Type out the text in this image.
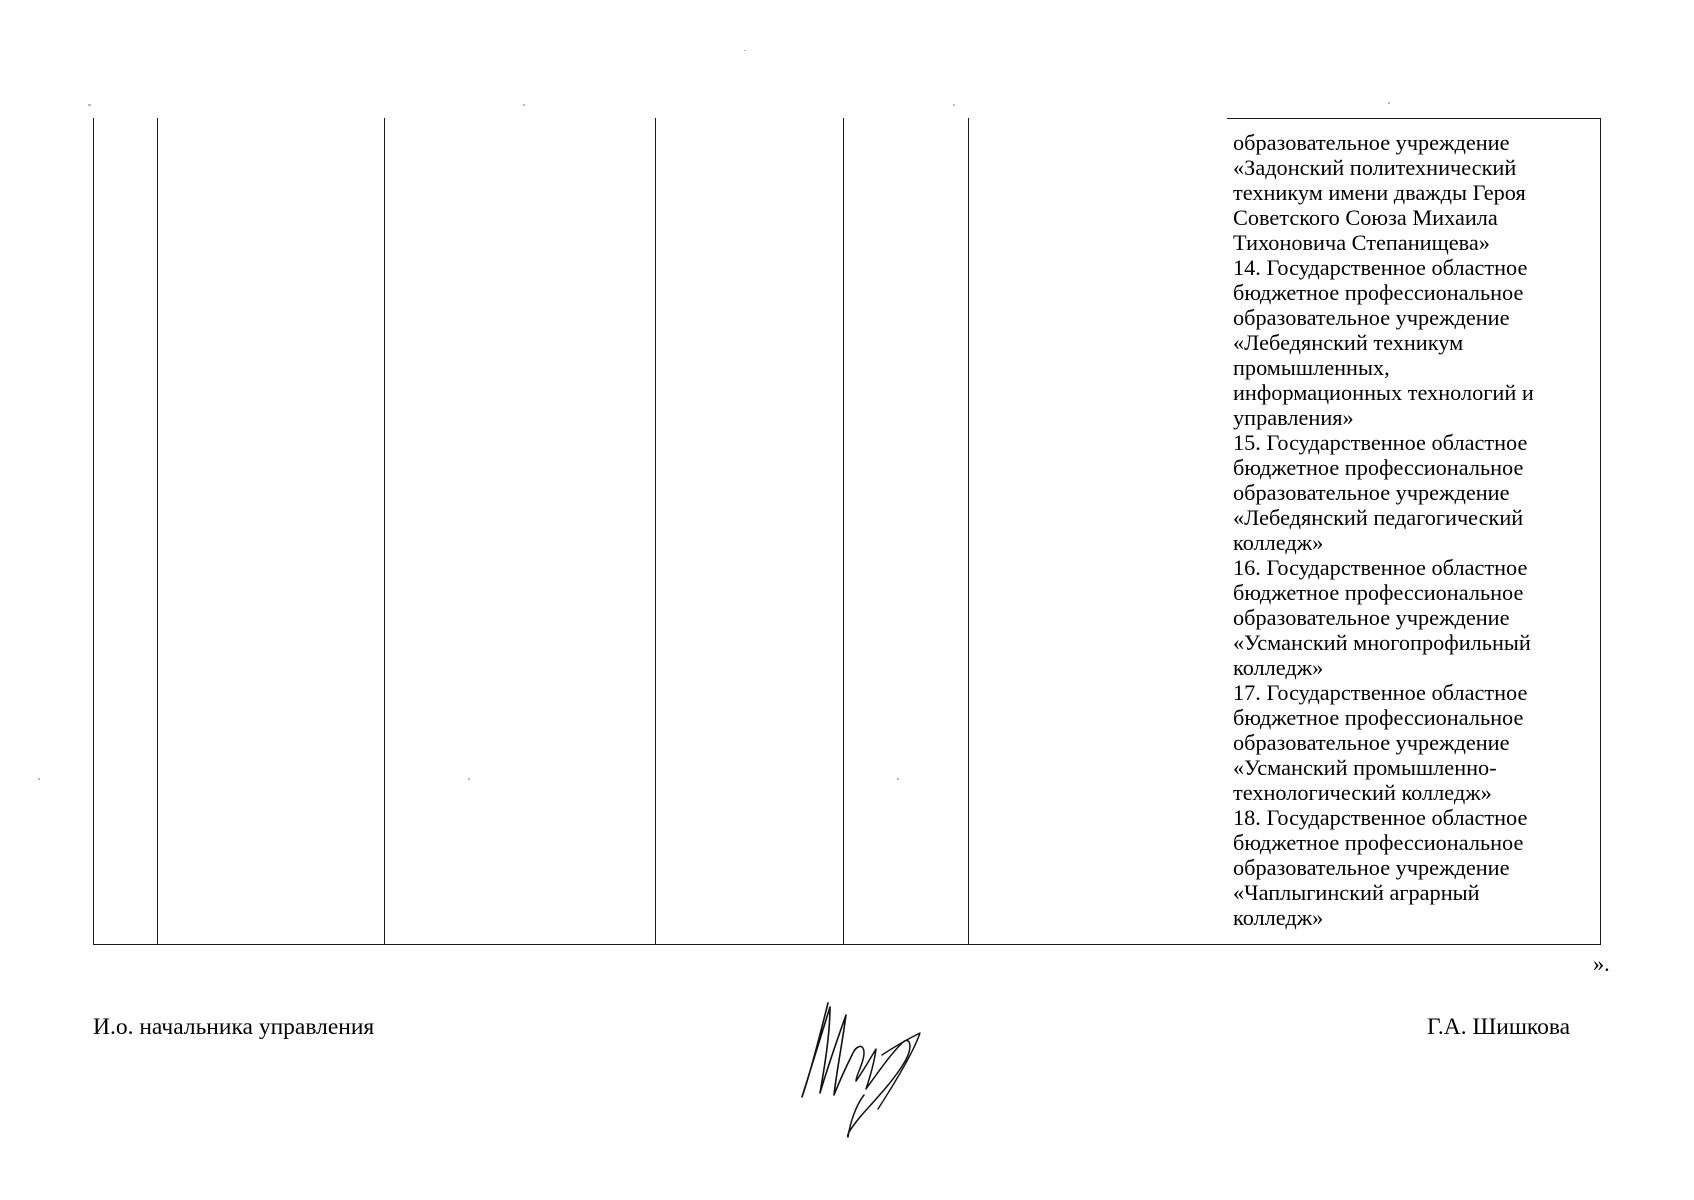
образовательное учреждение
«Задонский политехнический
техникум имени дважды Героя
Советского Союза Михаила
Тихоновича Степанищева»
14. Государственное областное
бюджетное профессиональное
образовательное учреждение
«Лебедянский техникум
промышленных,
информационных технологий и
управления»
15. Государственное областное
бюджетное профессиональное
образовательное учреждение
«Лебедянский педагогический
колледж»
16. Государственное областное
бюджетное профессиональное
образовательное учреждение
«Усманский многопрофильный
колледж»
17. Государственное областное
бюджетное профессиональное
образовательное учреждение
«Усманский промышленно-
технологический колледж»
18. Государственное областное
бюджетное профессиональное
образовательное учреждение
«Чаплыгинский аграрный
колледж»
».
И.о. начальника управления	Г.А. Шишкова
